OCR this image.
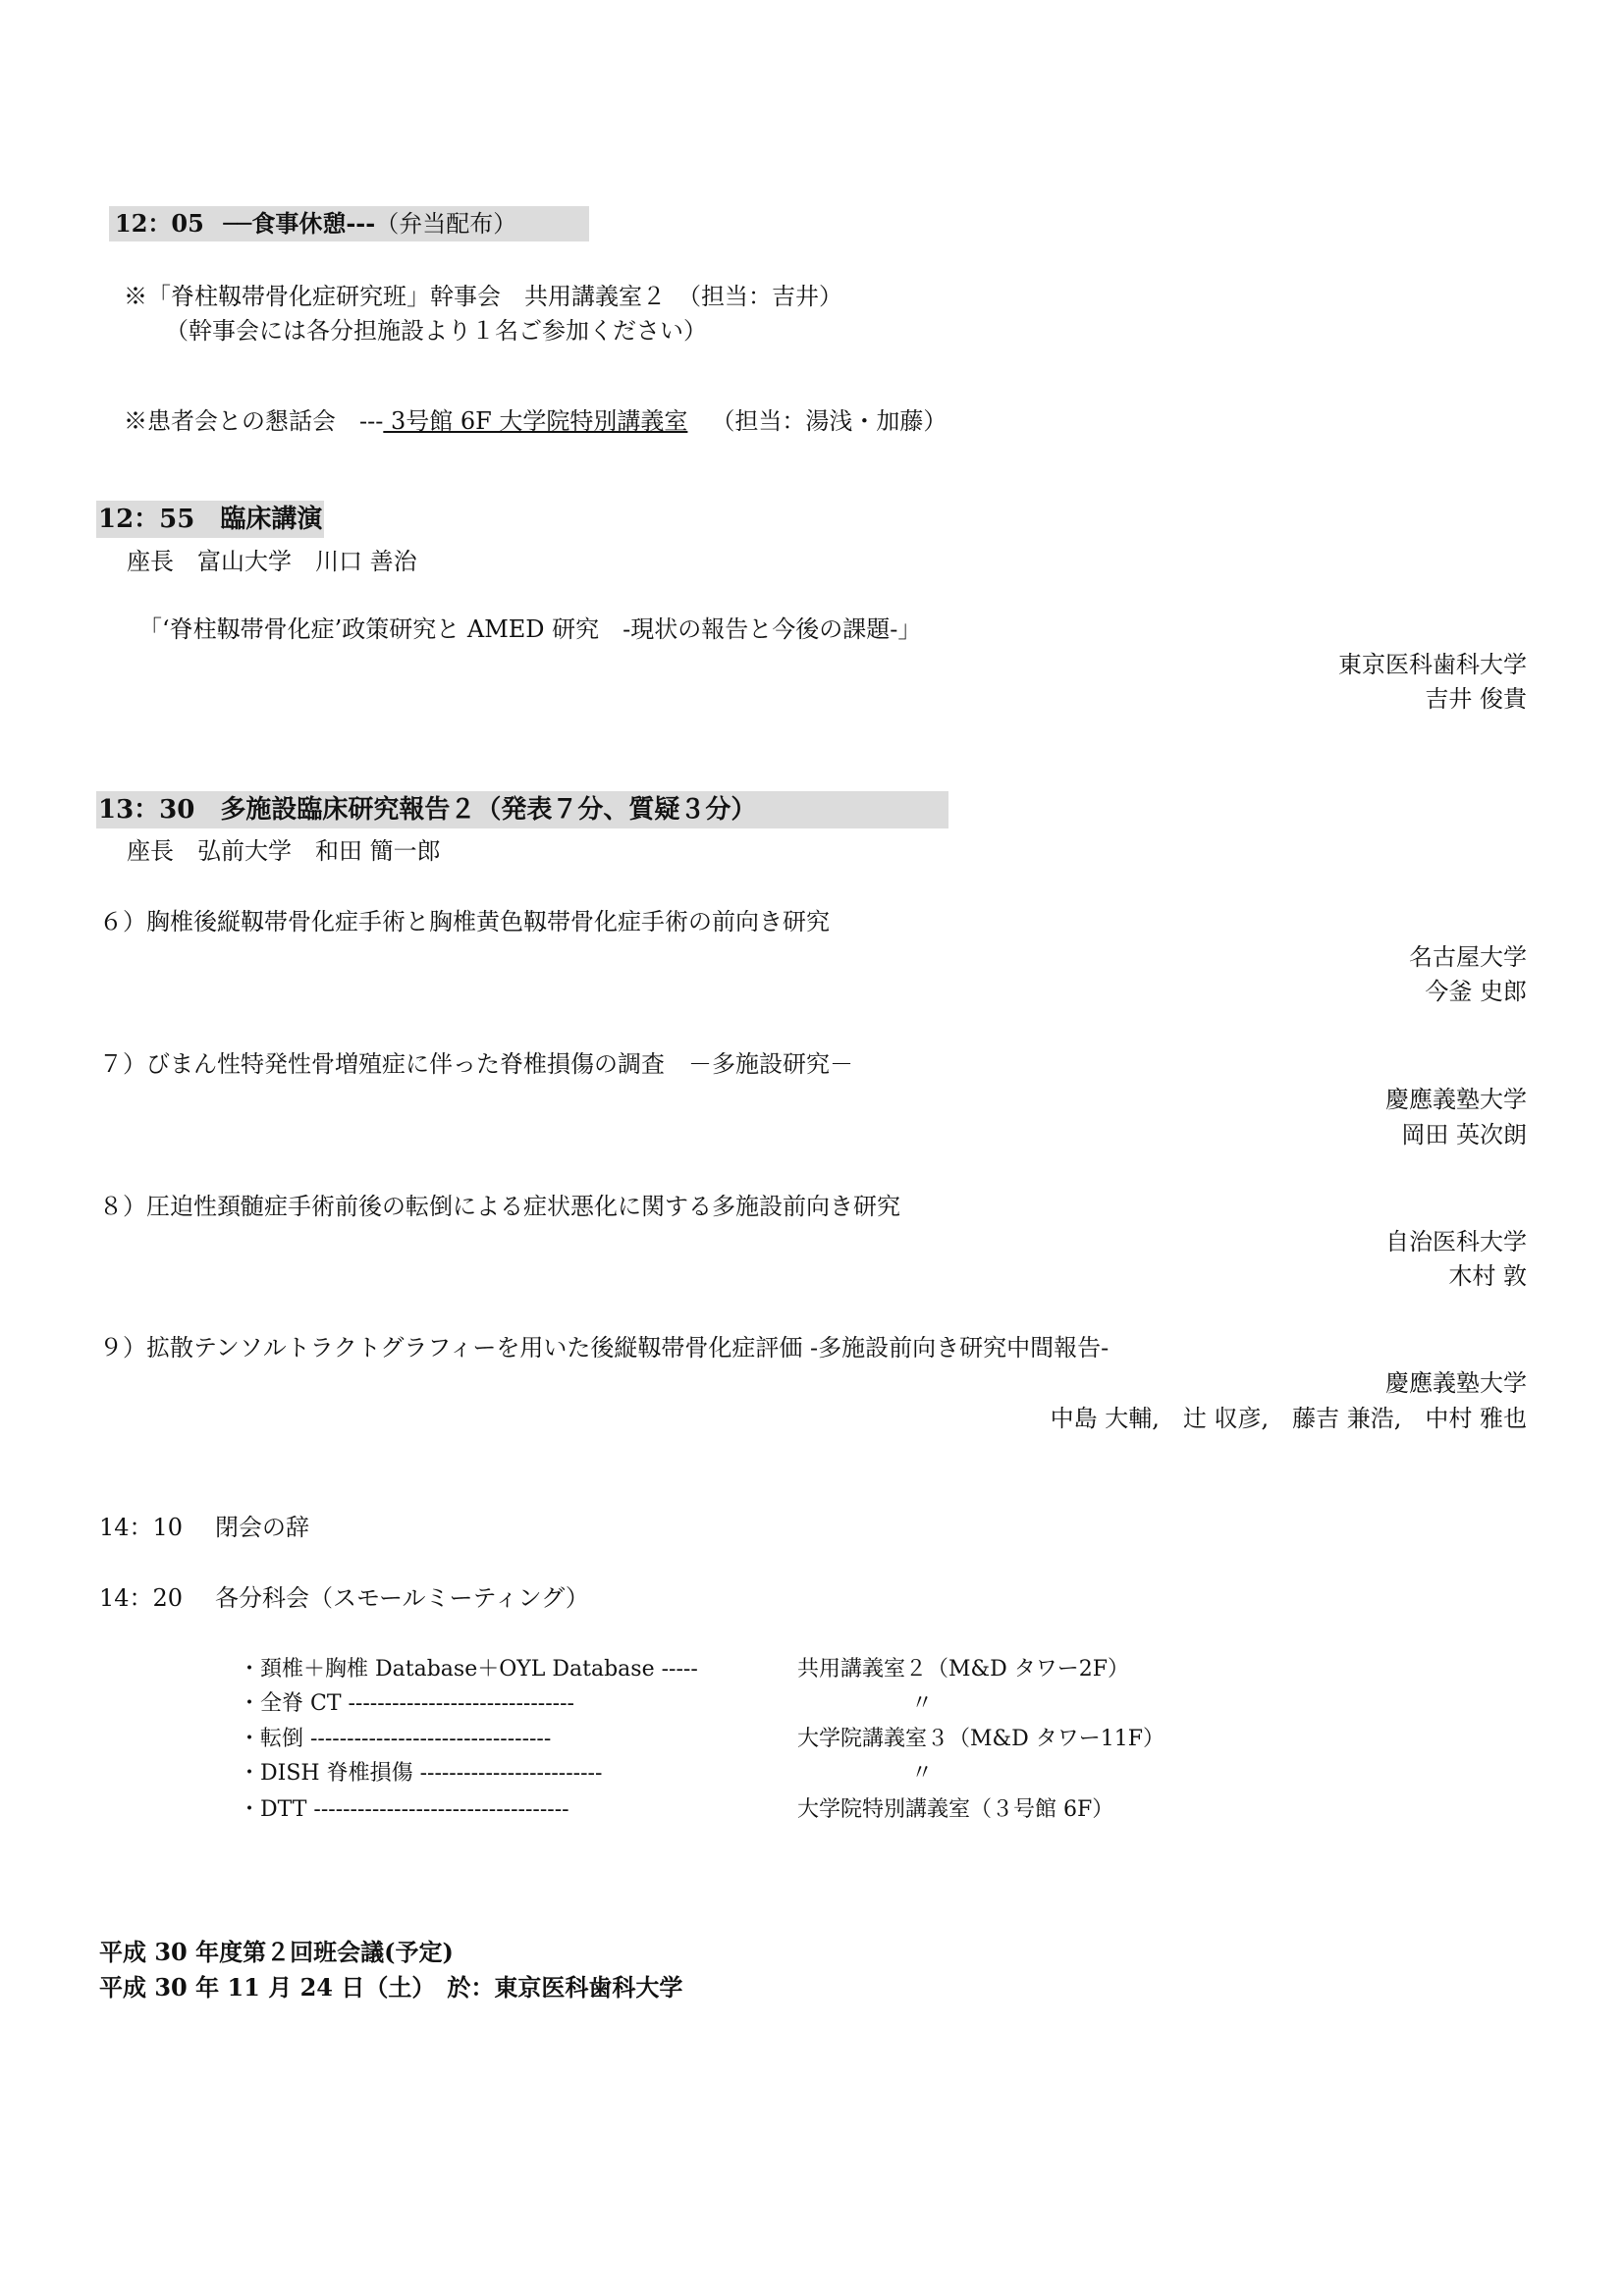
12：05 ──食事休憩---（弁当配布）
※「脊柱靱帯骨化症研究班」幹事会　共用講義室２　（担当：吉井）
（幹事会には各分担施設より１名ご参加ください）
※患者会との懇話会　--- 3号館 6F 大学院特別講義室 （担当：湯浅・加藤）
12：55　臨床講演
座長　富山大学　川口 善治
「‘脊柱靱帯骨化症’政策研究と AMED 研究　-現状の報告と今後の課題-」
東京医科歯科大学
吉井 俊貴
13：30　多施設臨床研究報告２（発表７分、質疑３分）
座長　弘前大学　和田 簡一郎
６）胸椎後縦靱帯骨化症手術と胸椎黄色靱帯骨化症手術の前向き研究
名古屋大学
今釜 史郎
７）びまん性特発性骨増殖症に伴った脊椎損傷の調査　－多施設研究－
慶應義塾大学
岡田 英次朗
８）圧迫性頚髄症手術前後の転倒による症状悪化に関する多施設前向き研究
自治医科大学
木村 敦
９）拡散テンソルトラクトグラフィーを用いた後縦靱帯骨化症評価 -多施設前向き研究中間報告-
慶應義塾大学
中島 大輔,　辻 収彦,　藤吉 兼浩,　中村 雅也
14：10 閉会の辞
14：20 各分科会（スモールミーティング）
・頚椎＋胸椎 Database＋OYL Database -----	共用講義室２（M&D タワー2F）
・全脊 CT -------------------------------	〃
・転倒 ---------------------------------	大学院講義室３（M&D タワー11F）
・DISH 脊椎損傷 -------------------------	〃
・DTT -----------------------------------	大学院特別講義室（３号館 6F）
平成 30 年度第２回班会議(予定)
平成 30 年 11 月 24 日（土）　於：東京医科歯科大学
